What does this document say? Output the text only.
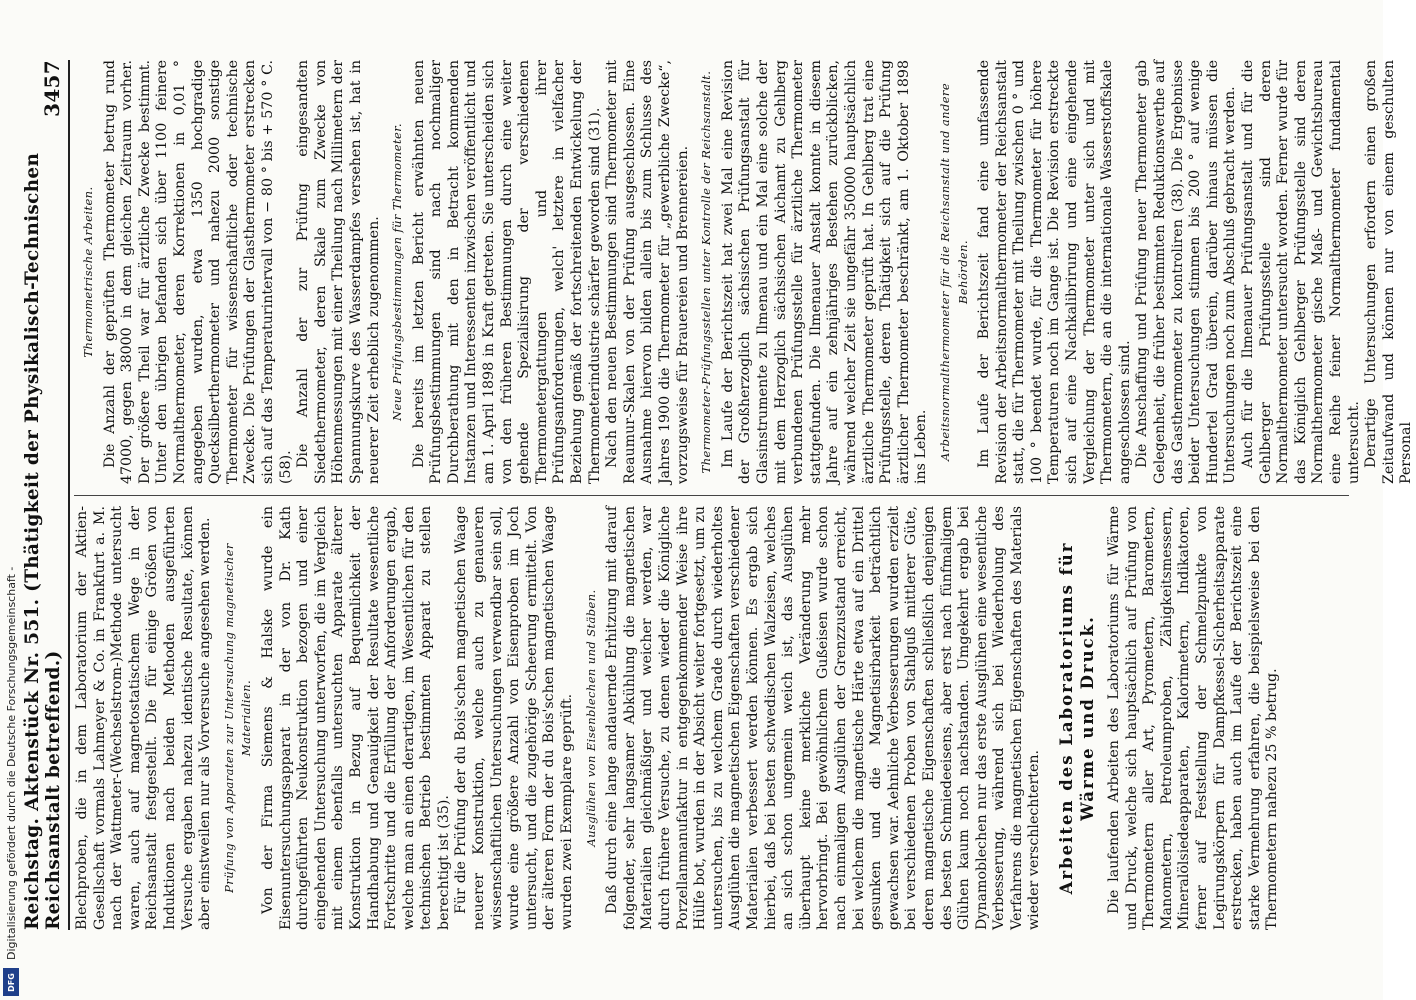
Reichstag. Aktenstück Nr. 551. (Thätigkeit der Physikalisch-Technischen Reichsanstalt betreffend.)
3457

Blechproben, die in dem Laboratorium der Aktien-Gesellschaft vormals Lahmeyer & Co. in Frankfurt a. M. nach der Wattmeter-(Wechselstrom-)Methode untersucht waren, auch auf magnetostatischem Wege in der Reichsanstalt festgestellt. Die für einige Größen von Induktionen nach beiden Methoden ausgeführten Versuche ergaben nahezu identische Resultate, können aber einstweilen nur als Vorversuche angesehen werden. Prüfung von Apparaten zur Untersuchung magnetischer Materialien. Von der Firma Siemens & Halske wurde ein Eisenuntersuchungsapparat in der von Dr. Kath durchgeführten Neukonstruktion bezogen und einer eingehenden Untersuchung unterworfen, die im Vergleich mit einem ebenfalls untersuchten Apparate älterer Konstruktion in Bezug auf Bequemlichkeit der Handhabung und Genauigkeit der Resultate wesentliche Fortschritte und die Erfüllung der Anforderungen ergab, welche man an einen derartigen, im Wesentlichen für den technischen Betrieb bestimmten Apparat zu stellen berechtigt ist (35). Für die Prüfung der du Bois'schen magnetischen Waage neuerer Konstruktion, welche auch zu genaueren wissenschaftlichen Untersuchungen verwendbar sein soll, wurde eine größere Anzahl von Eisenproben im Joch untersucht, und die zugehörige Scheerung ermittelt. Von der älteren Form der du Bois'schen magnetischen Waage wurden zwei Exemplare geprüft. Ausglühen von Eisenblechen und Stäben. Daß durch eine lange andauernde Erhitzung mit darauf folgender, sehr langsamer Abkühlung die magnetischen Materialien gleichmäßiger und weicher werden, war durch frühere Versuche, zu denen wieder die Königliche Porzellanmanufaktur in entgegenkommender Weise ihre Hülfe bot, wurden in der Absicht weiter fortgesetzt, um zu untersuchen, bis zu welchem Grade durch wiederholtes Ausglühen die magnetischen Eigenschaften verschiedener Materialien verbessert werden können. Es ergab sich hierbei, daß bei besten schwedischen Walzeisen, welches an sich schon ungemein weich ist, das Ausglühen überhaupt keine merkliche Veränderung mehr hervorbringt. Bei gewöhnlichem Gußeisen wurde schon nach einmaligem Ausglühen der Grenzzustand erreicht, bei welchem die magnetische Härte etwa auf ein Drittel gesunken und die Magnetisirbarkeit beträchtlich gewachsen war. Aehnliche Verbesserungen wurden erzielt bei verschiedenen Proben von Stahlguß mittlerer Güte, deren magnetische Eigenschaften schließlich denjenigen des besten Schmiedeeisens, aber erst nach fünfmaligem Glühen kaum noch nachstanden. Umgekehrt ergab bei Dynamoblechen nur das erste Ausglühen eine wesentliche Verbesserung, während sich bei Wiederholung des Verfahrens die magnetischen Eigenschaften des Materials wieder verschlechterten. Arbeiten des Laboratoriums für Wärme und Druck. Die laufenden Arbeiten des Laboratoriums für Wärme und Druck, welche sich hauptsächlich auf Prüfung von Thermometern aller Art, Pyrometern, Barometern, Manometern, Petroleumproben, Zähigkeitsmessern, Mineralölsiedeapparaten, Kalorimetern, Indikatoren, ferner auf Feststellung der Schmelzpunkte von Legirungskörpern für Dampfkessel-Sicherheitsapparate erstrecken, haben auch im Laufe der Berichtszeit eine starke Vermehrung erfahren, die beispielsweise bei den Thermometern nahezu 25 % betrug.

Thermometrische Arbeiten. Die Anzahl der geprüften Thermometer betrug rund 47000, gegen 38000 in dem gleichen Zeitraum vorher. Der größere Theil war für ärztliche Zwecke bestimmt. Unter den übrigen befanden sich über 1100 feinere Normalthermometer, deren Korrektionen in 0,01 ° angegeben wurden, etwa 1350 hochgradige Quecksilberthermometer und nahezu 2000 sonstige Thermometer für wissenschaftliche oder technische Zwecke. Die Prüfungen der Glasthermometer erstrecken sich auf das Temperaturintervall von − 80 ° bis + 570 ° C. (58). Die Anzahl der zur Prüfung eingesandten Siedethermometer, deren Skale zum Zwecke von Höhenmessungen mit einer Theilung nach Millimetern der Spannungskurve des Wasserdampfes versehen ist, hat in neuerer Zeit erheblich zugenommen. Neue Prüfungsbestimmungen für Thermometer. Die bereits im letzten Bericht erwähnten neuen Prüfungsbestimmungen sind nach nochmaliger Durchberathung mit den in Betracht kommenden Instanzen und Interessenten inzwischen veröffentlicht und am 1. April 1898 in Kraft getreten. Sie unterscheiden sich von den früheren Bestimmungen durch eine weiter gehende Spezialisirung der verschiedenen Thermometergattungen und ihrer Prüfungsanforderungen, welch' letztere in vielfacher Beziehung gemäß der fortschreitenden Entwickelung der Thermometerindustrie schärfer geworden sind (31). Nach den neuen Bestimmungen sind Thermometer mit Reaumur-Skalen von der Prüfung ausgeschlossen. Eine Ausnahme hiervon bilden allein bis zum Schlusse des Jahres 1900 die Thermometer für „gewerbliche Zwecke“, vorzugsweise für Brauereien und Brennereien. Thermometer-Prüfungsstellen unter Kontrolle der Reichsanstalt. Im Laufe der Berichtszeit hat zwei Mal eine Revision der Großherzoglich sächsischen Prüfungsanstalt für Glasinstrumente zu Ilmenau und ein Mal eine solche der mit dem Herzoglich sächsischen Aichamt zu Gehlberg verbundenen Prüfungsstelle für ärztliche Thermometer stattgefunden. Die Ilmenauer Anstalt konnte in diesem Jahre auf ein zehnjähriges Bestehen zurückblicken, während welcher Zeit sie ungefähr 350000 hauptsächlich ärztliche Thermometer geprüft hat. In Gehlberg trat eine Prüfungsstelle, deren Thätigkeit sich auf die Prüfung ärztlicher Thermometer beschränkt, am 1. Oktober 1898 ins Leben. Arbeitsnormalthermometer für die Reichsanstalt und andere Behörden. Im Laufe der Berichtszeit fand eine umfassende Revision der Arbeitsnormalthermometer der Reichsanstalt statt, die für Thermometer mit Theilung zwischen 0 ° und 100 ° beendet wurde, für die Thermometer für höhere Temperaturen noch im Gange ist. Die Revision erstreckte sich auf eine Nachkalibrirung und eine eingehende Vergleichung der Thermometer unter sich und mit Thermometern, die an die internationale Wasserstoffskale angeschlossen sind. Die Anschaffung und Prüfung neuer Thermometer gab Gelegenheit, die früher bestimmten Reduktionswerthe auf das Gasthermometer zu kontroliren (38). Die Ergebnisse beider Untersuchungen stimmen bis 200 ° auf wenige Hundertel Grad überein, darüber hinaus müssen die Untersuchungen noch zum Abschluß gebracht werden. Auch für die Ilmenauer Prüfungsanstalt und für die Gehlberger Prüfungsstelle sind deren Normalthermometer untersucht worden. Ferner wurde für das Königlich Gehlberger Prüfungsstelle sind deren Normalthermometer gische Maß- und Gewichtsbureau eine Reihe feiner Normalthermometer fundamental untersucht. Derartige Untersuchungen erfordern einen großen Zeitaufwand und können nur von einem geschulten Personal

Digitalisierung gefördert durch die Deutsche Forschungsgemeinschaft -
DFG
